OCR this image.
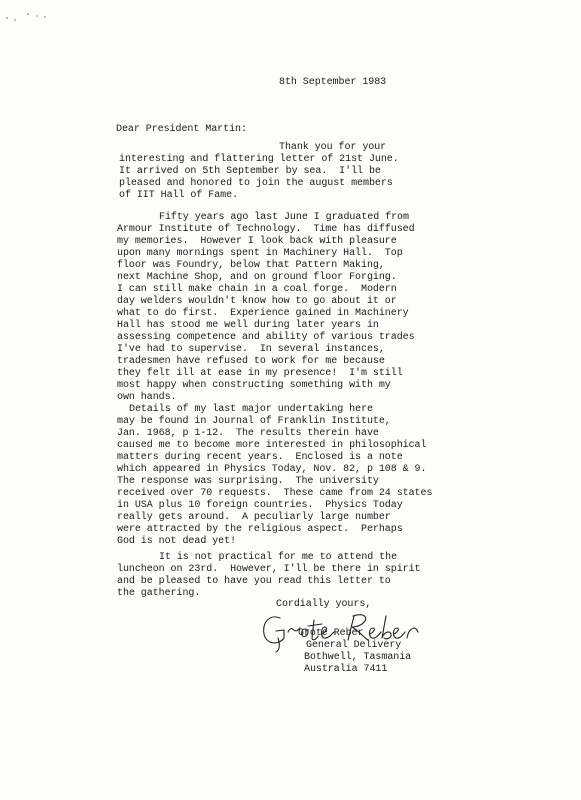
8th September 1983
Dear President Martin:
Thank you for your
interesting and flattering letter of 21st June.
It arrived on 5th September by sea.  I'll be
pleased and honored to join the august members
of IIT Hall of Fame.
Fifty years ago last June I graduated from
Armour Institute of Technology.  Time has diffused
my memories.  However I look back with pleasure
upon many mornings spent in Machinery Hall.  Top
floor was Foundry, below that Pattern Making,
next Machine Shop, and on ground floor Forging.
I can still make chain in a coal forge.  Modern
day welders wouldn't know how to go about it or
what to do first.  Experience gained in Machinery
Hall has stood me well during later years in
assessing competence and ability of various trades
I've had to supervise.  In several instances,
tradesmen have refused to work for me because
they felt ill at ease in my presence!  I'm still
most happy when constructing something with my
own hands.
Details of my last major undertaking here
may be found in Journal of Franklin Institute,
Jan. 1968, p 1-12.  The results therein have
caused me to become more interested in philosophical
matters during recent years.  Enclosed is a note
which appeared in Physics Today, Nov. 82, p 108 & 9.
The response was surprising.  The university
received over 70 requests.  These came from 24 states
in USA plus 10 foreign countries.  Physics Today
really gets around.  A peculiarly large number
were attracted by the religious aspect.  Perhaps
God is not dead yet!
It is not practical for me to attend the
luncheon on 23rd.  However, I'll be there in spirit
and be pleased to have you read this letter to
the gathering.
Cordially yours,
Grote Reber
General Delivery
Bothwell, Tasmania
Australia 7411
